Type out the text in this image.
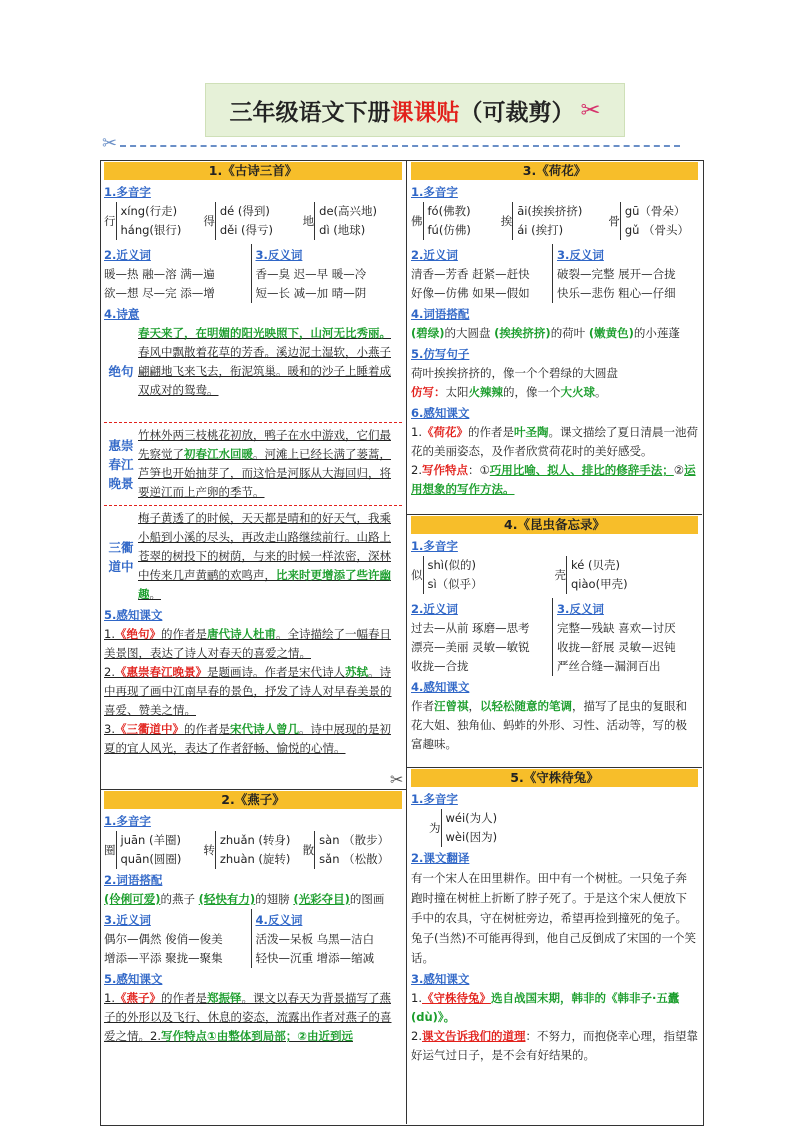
三年级语文下册 课课贴 （可裁剪） ✂
✂
1.《古诗三首》
1.多音字
行
xíng(行走)
háng(银行)
得
dé (得到)
děi (得亏)
地
de(高兴地)
dì (地球)
2.近义词
暖—热 融—溶 满—遍
欲—想 尽—完 添—增
3.反义词
香—臭 迟—早 暖—冷
短—长 减—加 晴—阴
4.诗意
绝句
春天来了，在明媚的阳光映照下，山河无比秀丽。春风中飘散着花草的芳香。溪边泥土湿软，小燕子翩翩地飞来飞去，衔泥筑巢。暖和的沙子上睡着成双成对的鸳鸯。
惠崇春江晚景
竹林外两三枝桃花初放，鸭子在水中游戏，它们最先察觉了初春江水回暖。河滩上已经长满了蒌蒿，芦笋也开始抽芽了，而这恰是河豚从大海回归，将要逆江而上产卵的季节。
三衢道中
梅子黄透了的时候，天天都是晴和的好天气，我乘小船到小溪的尽头，再改走山路继续前行。山路上苍翠的树投下的树荫，与来的时候一样浓密，深林中传来几声黄鹂的欢鸣声，比来时更增添了些许幽趣。
5.感知课文
1.《绝句》的作者是唐代诗人杜甫。全诗描绘了一幅春日美景图，表达了诗人对春天的喜爱之情。
2.《惠崇春江晚景》是题画诗。作者是宋代诗人苏轼。诗中再现了画中江南早春的景色，抒发了诗人对早春美景的喜爱、赞美之情。
3.《三衢道中》的作者是宋代诗人曾几。诗中展现的是初夏的宜人风光，表达了作者舒畅、愉悦的心情。
2.《燕子》
1.多音字
圈
juān (羊圈)
quān(圆圈)
转
zhuǎn (转身)
zhuàn (旋转)
散
sàn （散步）
sǎn （松散）
2.词语搭配
(伶俐可爱)的燕子 (轻快有力)的翅膀 (光彩夺目)的图画
3.近义词
偶尔—偶然 俊俏—俊美
增添—平添 聚拢—聚集
4.反义词
活泼—呆板 乌黑—洁白
轻快—沉重 增添—缩减
5.感知课文
1.《燕子》的作者是郑振铎。课文以春天为背景描写了燕子的外形以及飞行、休息的姿态，流露出作者对燕子的喜爱之情。2.写作特点①由整体到局部；②由近到远
3.《荷花》
1.多音字
佛
fó(佛教)
fú(仿佛)
挨
āi(挨挨挤挤)
ái (挨打)
骨
gū（骨朵）
gǔ （骨头）
2.近义词
清香—芳香 赶紧—赶快
好像—仿佛 如果—假如
3.反义词
破裂—完整 展开—合拢
快乐—悲伤 粗心—仔细
4.词语搭配
(碧绿)的大圆盘 (挨挨挤挤)的荷叶 (嫩黄色)的小莲蓬
5.仿写句子
荷叶挨挨挤挤的，像一个个碧绿的大圆盘
仿写：太阳火辣辣的，像一个大火球。
6.感知课文
1.《荷花》的作者是叶圣陶。课文描绘了夏日清晨一池荷花的美丽姿态，及作者欣赏荷花时的美好感受。
2.写作特点：①巧用比喻、拟人、排比的修辞手法；②运用想象的写作方法。
4.《昆虫备忘录》
1.多音字
似
shì(似的)
sì（似乎）
壳
ké (贝壳)
qiào(甲壳)
2.近义词
过去—从前 琢磨—思考
漂亮—美丽 灵敏—敏锐
收拢—合拢
3.反义词
完整—残缺 喜欢—讨厌
收拢—舒展 灵敏—迟钝
严丝合缝—漏洞百出
4.感知课文
作者汪曾祺，以轻松随意的笔调，描写了昆虫的复眼和花大姐、独角仙、蚂蚱的外形、习性、活动等，写的极富趣味。
5.《守株待兔》
1.多音字
为
wéi(为人)
wèi(因为)
2.课文翻译
有一个宋人在田里耕作。田中有一个树桩。一只兔子奔跑时撞在树桩上折断了脖子死了。于是这个宋人便放下手中的农具，守在树桩旁边，希望再捡到撞死的兔子。兔子(当然)不可能再得到，他自己反倒成了宋国的一个笑话。
3.感知课文
1.《守株待兔》选自战国末期，韩非的《韩非子·五蠹(dù)》。
2.课文告诉我们的道理：不努力，而抱侥幸心理，指望靠好运气过日子，是不会有好结果的。
✂
